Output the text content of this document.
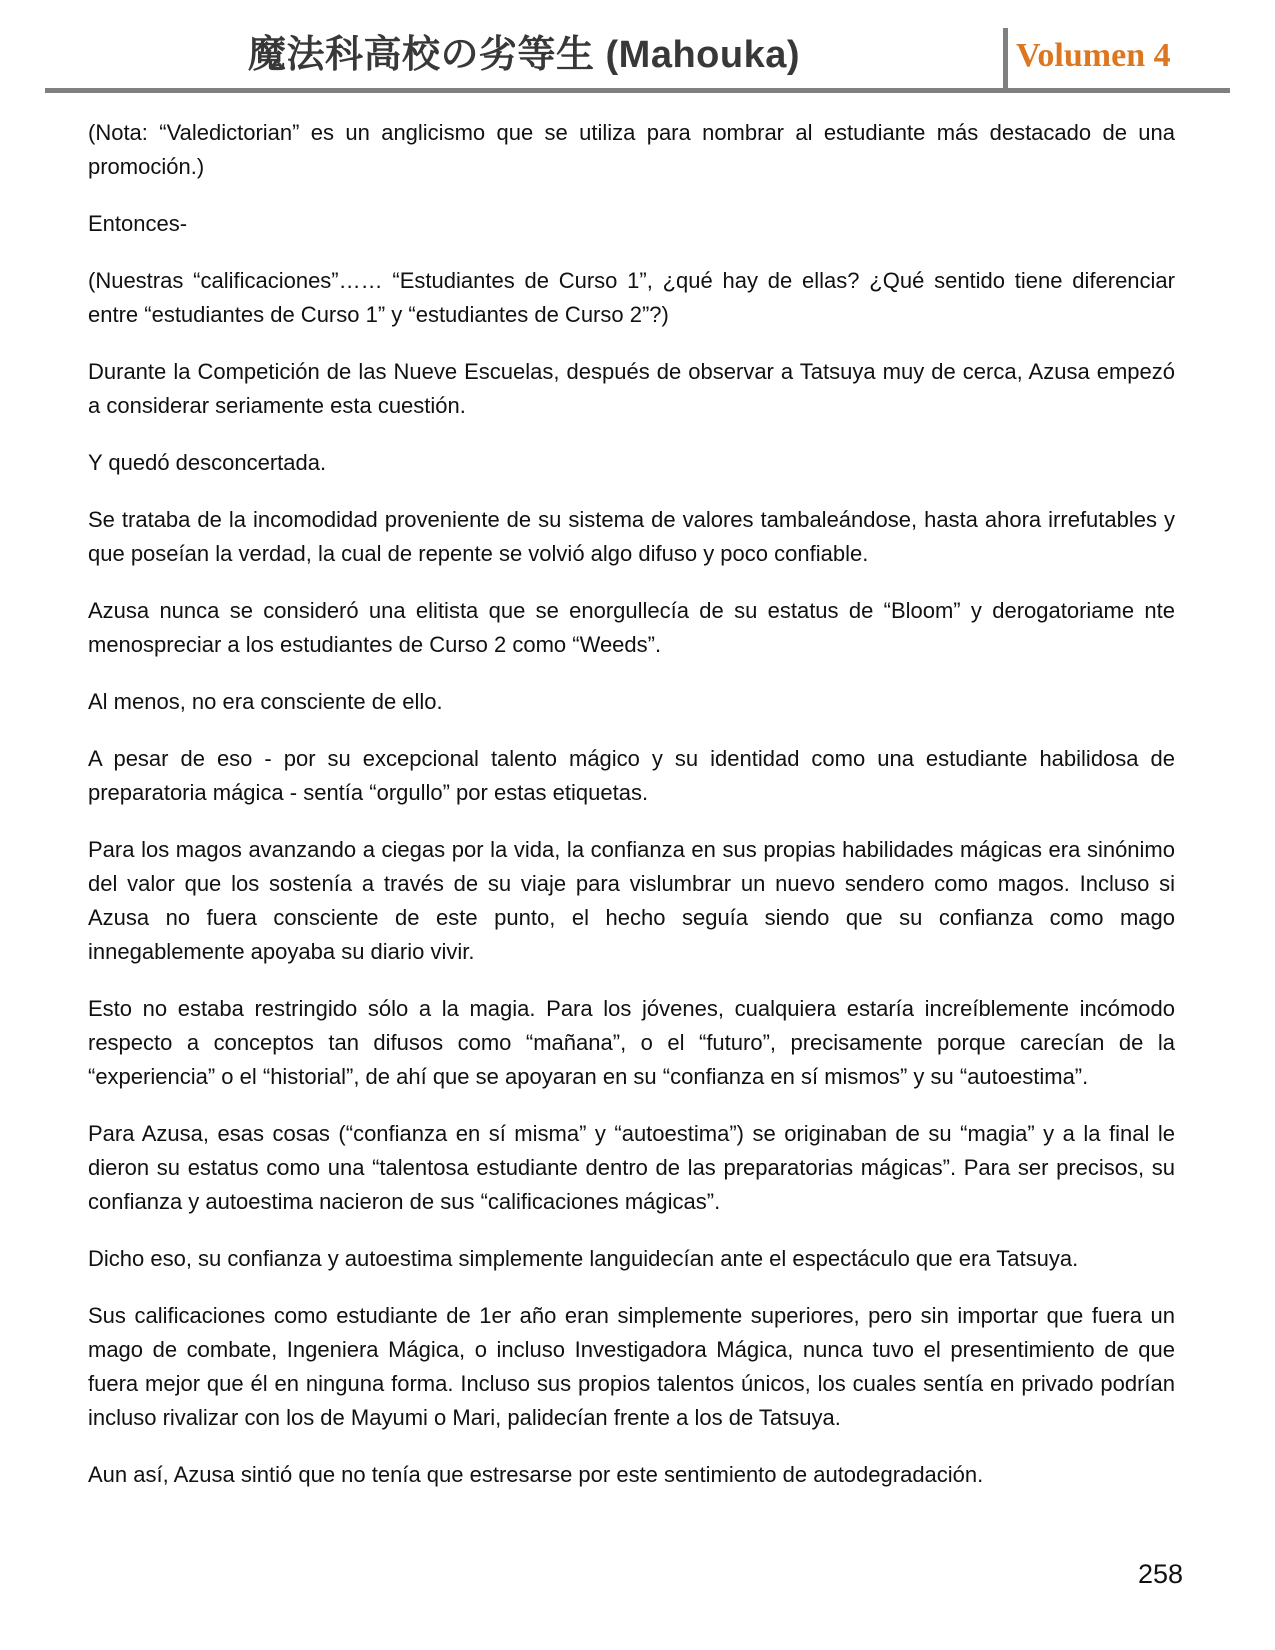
魔法科高校の劣等生 (Mahouka)	Volumen 4

(Nota: “Valedictorian” es un anglicismo que se utiliza para nombrar al estudiante más destacado de una promoción.)

Entonces-

(Nuestras “calificaciones”…… “Estudiantes de Curso 1”, ¿qué hay de ellas? ¿Qué sentido tiene diferenciar entre “estudiantes de Curso 1” y “estudiantes de Curso 2”?)

Durante la Competición de las Nueve Escuelas, después de observar a Tatsuya muy de cerca, Azusa empezó a considerar seriamente esta cuestión.

Y quedó desconcertada.

Se trataba de la incomodidad proveniente de su sistema de valores tambaleándose, hasta ahora irrefutables y que poseían la verdad, la cual de repente se volvió algo difuso y poco confiable.

Azusa nunca se consideró una elitista que se enorgullecía de su estatus de “Bloom” y derogatoriame nte menospreciar a los estudiantes de Curso 2 como “Weeds”.

Al menos, no era consciente de ello.

A pesar de eso - por su excepcional talento mágico y su identidad como una estudiante habilidosa de preparatoria mágica - sentía “orgullo” por estas etiquetas.

Para los magos avanzando a ciegas por la vida, la confianza en sus propias habilidades mágicas era sinónimo del valor que los sostenía a través de su viaje para vislumbrar un nuevo sendero como magos. Incluso si Azusa no fuera consciente de este punto, el hecho seguía siendo que su confianza como mago innegablemente apoyaba su diario vivir.

Esto no estaba restringido sólo a la magia. Para los jóvenes, cualquiera estaría increíblemente incómodo respecto a conceptos tan difusos como “mañana”, o el “futuro”, precisamente porque carecían de la “experiencia” o el “historial”, de ahí que se apoyaran en su “confianza en sí mismos” y su “autoestima”.

Para Azusa, esas cosas (“confianza en sí misma” y “autoestima”) se originaban de su “magia” y a la final le dieron su estatus como una “talentosa estudiante dentro de las preparatorias mágicas”. Para ser precisos, su confianza y autoestima nacieron de sus “calificaciones mágicas”.

Dicho eso, su confianza y autoestima simplemente languidecían ante el espectáculo que era Tatsuya.

Sus calificaciones como estudiante de 1er año eran simplemente superiores, pero sin importar que fuera un mago de combate, Ingeniera Mágica, o incluso Investigadora Mágica, nunca tuvo el presentimiento de que fuera mejor que él en ninguna forma. Incluso sus propios talentos únicos, los cuales sentía en privado podrían incluso rivalizar con los de Mayumi o Mari, palidecían frente a los de Tatsuya.

Aun así, Azusa sintió que no tenía que estresarse por este sentimiento de autodegradación.

258
